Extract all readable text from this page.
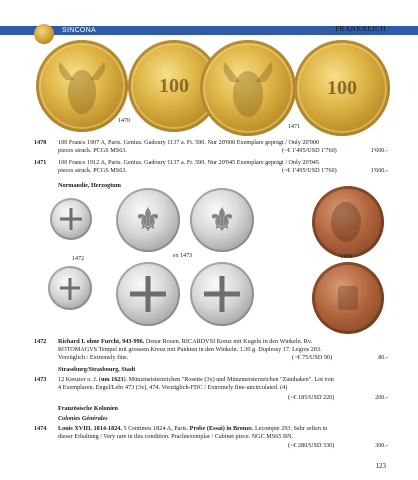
SINCONA	FRANKREICH
100	100
1470
1471
1470 100 Francs 1907 A, Paris. Genius. Gadoury 1137 a. Fr. 590. Nur 20'000 Exemplare geprägt / Only 20'000
pieces struck. PCGS MS63.	(~€ 1'495/USD 1'760)	1'600.-
1471 100 Francs 1912 A, Paris. Genius. Gadoury 1137 a. Fr. 590. Nur 20'045 Exemplare geprägt / Only 20'045
pieces struck. PCGS MS63.	(~€ 1'495/USD 1'760)	1'600.-
Normandie, Herzogtum
1472
⚜	⚜
ex 1473	1474
1472 Richard I. ohne Furcht, 943-996. Denar Rouen. RICARDVSI Kreuz mit Kugeln in den Winkeln. Rv.
ROTOMAGVS Tempel mit grossem Kreuz mit Punkten in den Winkeln. 1.30 g. Duplessy 17. Legros 203.
Vorzüglich / Extremely fine.	(~€ 75/USD 90)	80.-
Strassburg/Strasbourg, Stadt
1473 12 Kreuzer o. J. (um 1623). Münzmeisterzeichen "Rosette (3x) und Münzmeisterzeichen "Zainhaken". Lot von
4 Exemplaren. Engel/Lehr 473 (3x), 474. Vorzüglich-FDC / Extremely fine-uncirculated. (4)
(~€ 185/USD 220)	200.-
Französische Kolonien
Colonies Générales
1474 Louis XVIII. 1814-1824. 5 Centimes 1824 A, Paris. Probe (Essai) in Bronze. Lecompte 293. Sehr selten in
dieser Erhaltung / Very rare in this condition. Prachtexemplar / Cabinet piece. NGC MS65 BN.
(~€ 280/USD 330)	300.-
123
